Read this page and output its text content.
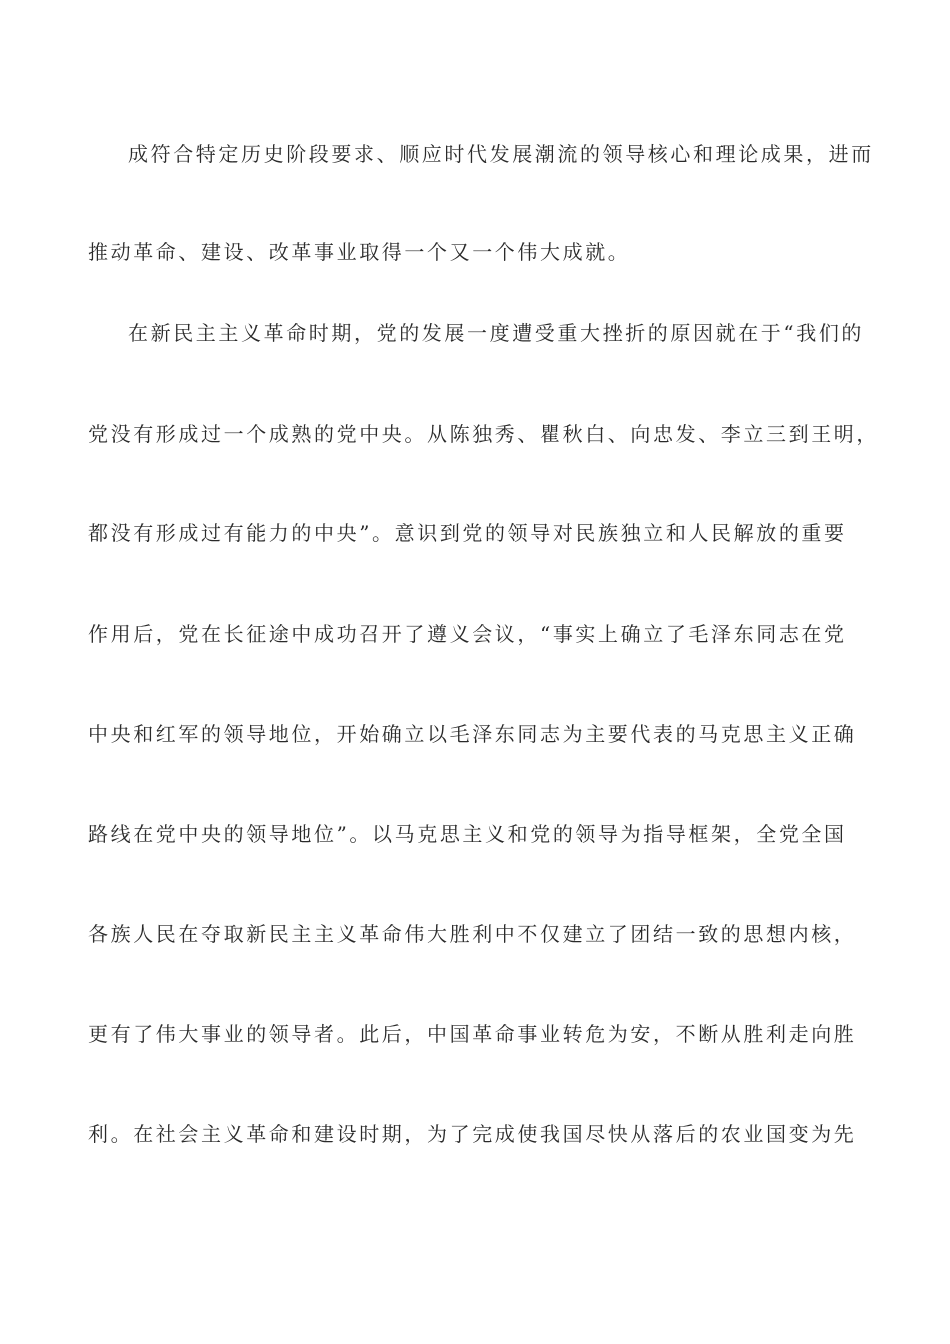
成符合特定历史阶段要求、顺应时代发展潮流的领导核心和理论成果，进而
推动革命、建设、改革事业取得一个又一个伟大成就。
在新民主主义革命时期，党的发展一度遭受重大挫折的原因就在于“我们的
党没有形成过一个成熟的党中央。从陈独秀、瞿秋白、向忠发、李立三到王明，
都没有形成过有能力的中央”。意识到党的领导对民族独立和人民解放的重要
作用后，党在长征途中成功召开了遵义会议，“事实上确立了毛泽东同志在党
中央和红军的领导地位，开始确立以毛泽东同志为主要代表的马克思主义正确
路线在党中央的领导地位”。以马克思主义和党的领导为指导框架，全党全国
各族人民在夺取新民主主义革命伟大胜利中不仅建立了团结一致的思想内核，
更有了伟大事业的领导者。此后，中国革命事业转危为安，不断从胜利走向胜
利。在社会主义革命和建设时期，为了完成使我国尽快从落后的农业国变为先
